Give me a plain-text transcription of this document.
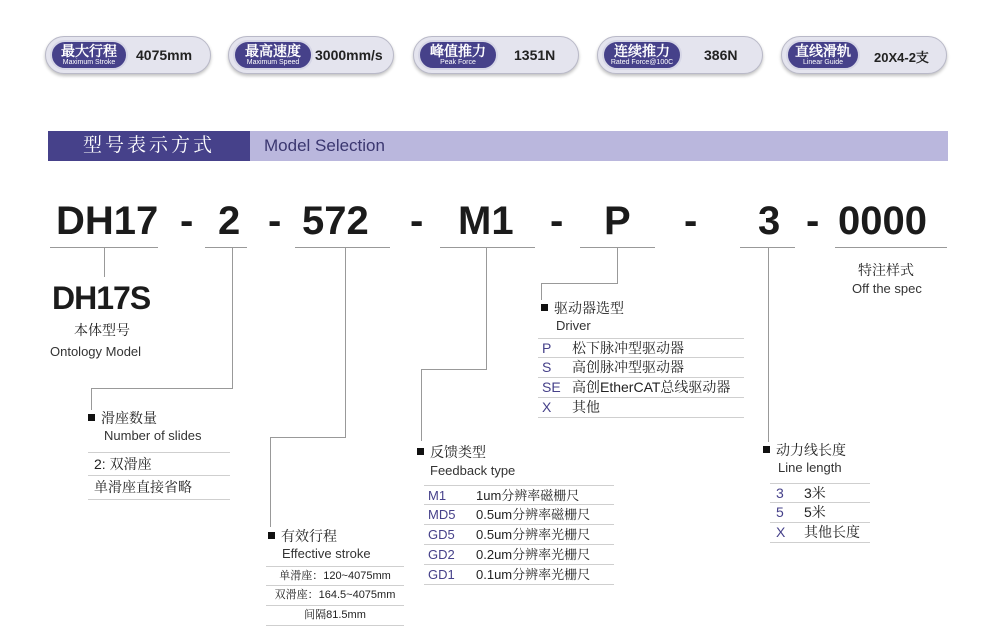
最大行程
Maximum Stroke	4075mm	最高速度
Maximum Speed	3000mm/s	峰值推力
Peak Force	1351N	连续推力
Rated Force@100C	386N	直线滑轨
Linear Guide	20X4-2支
型号表示方式	Model Selection
DH17 - 2 - 572 - M1 - P - 3 - 0000
DH17S
本体型号
Ontology Model
滑座数量
Number of slides
2: 双滑座
单滑座直接省略
有效行程
Effective stroke
单滑座：120~4075mm
双滑座：164.5~4075mm
间隔81.5mm
反馈类型
Feedback type
M1 1um分辨率磁栅尺
MD5 0.5um分辨率磁栅尺
GD5 0.5um分辨率光栅尺
GD2 0.2um分辨率光栅尺
GD1 0.1um分辨率光栅尺
驱动器选型
Driver
P 松下脉冲型驱动器
S 高创脉冲型驱动器
SE 高创EtherCAT总线驱动器
X 其他
动力线长度
Line length
3 3米
5 5米
X 其他长度
特注样式
Off the spec
